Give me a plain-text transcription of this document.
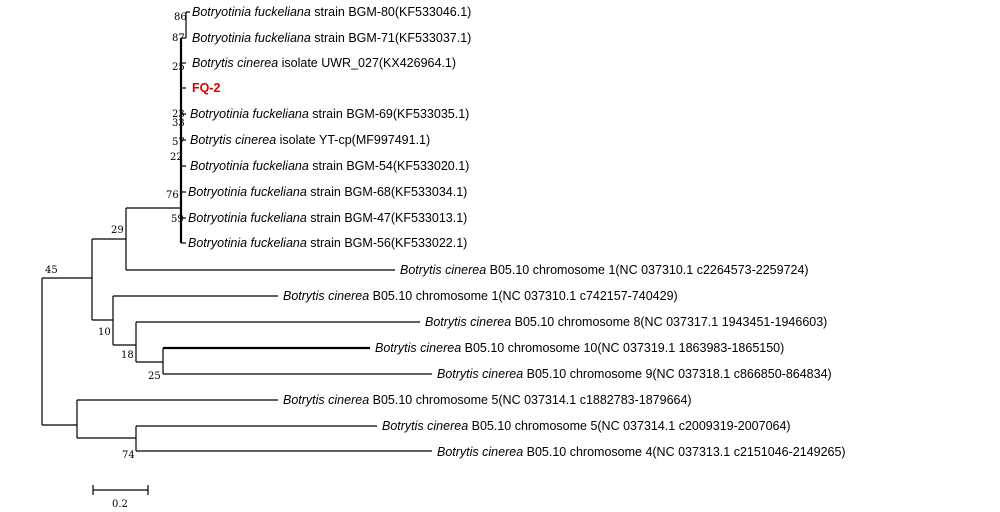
86
87
25
23
33
57
22
76
59
29
45
10
18
25
74
Botryotinia fuckeliana strain BGM-80(KF533046.1)
Botryotinia fuckeliana strain BGM-71(KF533037.1)
Botrytis cinerea isolate UWR_027(KX426964.1)
FQ-2
Botryotinia fuckeliana strain BGM-69(KF533035.1)
Botrytis cinerea isolate YT-cp(MF997491.1)
Botryotinia fuckeliana strain BGM-54(KF533020.1)
Botryotinia fuckeliana strain BGM-68(KF533034.1)
Botryotinia fuckeliana strain BGM-47(KF533013.1)
Botryotinia fuckeliana strain BGM-56(KF533022.1)
Botrytis cinerea B05.10 chromosome 1(NC 037310.1 c2264573-2259724)
Botrytis cinerea B05.10 chromosome 1(NC 037310.1 c742157-740429)
Botrytis cinerea B05.10 chromosome 8(NC 037317.1 1943451-1946603)
Botrytis cinerea B05.10 chromosome 10(NC 037319.1 1863983-1865150)
Botrytis cinerea B05.10 chromosome 9(NC 037318.1 c866850-864834)
Botrytis cinerea B05.10 chromosome 5(NC 037314.1 c1882783-1879664)
Botrytis cinerea B05.10 chromosome 5(NC 037314.1 c2009319-2007064)
Botrytis cinerea B05.10 chromosome 4(NC 037313.1 c2151046-2149265)
0.2
